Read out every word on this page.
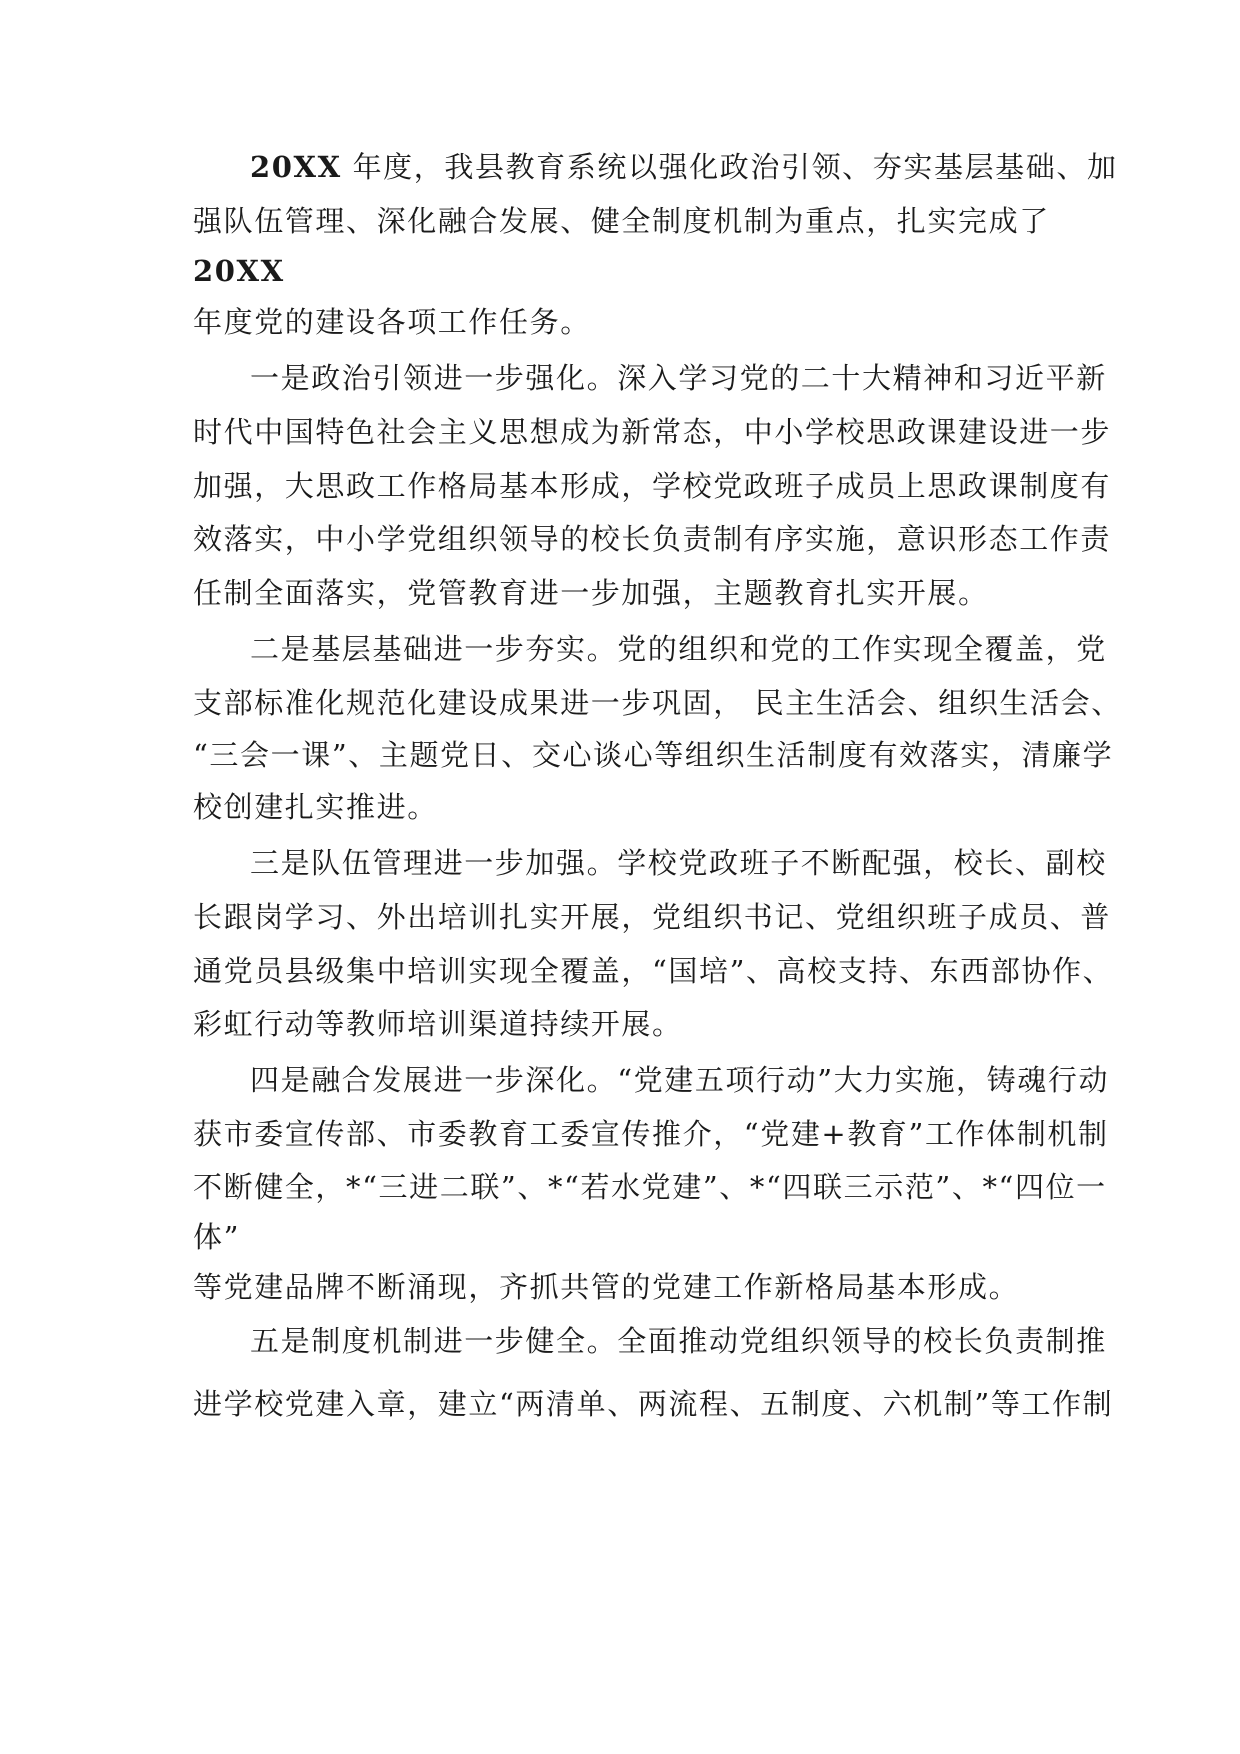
20XX 年度，我县教育系统以强化政治引领、夯实基层基础、加
强队伍管理、深化融合发展、健全制度机制为重点，扎实完成了
20XX
年度党的建设各项工作任务。
一是政治引领进一步强化。深入学习党的二十大精神和习近平新
时代中国特色社会主义思想成为新常态，中小学校思政课建设进一步
加强，大思政工作格局基本形成，学校党政班子成员上思政课制度有
效落实，中小学党组织领导的校长负责制有序实施，意识形态工作责
任制全面落实，党管教育进一步加强，主题教育扎实开展。
二是基层基础进一步夯实。党的组织和党的工作实现全覆盖，党
支部标准化规范化建设成果进一步巩固， 民主生活会、组织生活会、
“三会一课”、主题党日、交心谈心等组织生活制度有效落实，清廉学
校创建扎实推进。
三是队伍管理进一步加强。学校党政班子不断配强，校长、副校
长跟岗学习、外出培训扎实开展，党组织书记、党组织班子成员、普
通党员县级集中培训实现全覆盖，“国培”、高校支持、东西部协作、
彩虹行动等教师培训渠道持续开展。
四是融合发展进一步深化。“党建五项行动”大力实施，铸魂行动
获市委宣传部、市委教育工委宣传推介，“党建+教育”工作体制机制
不断健全，*“三进二联”、*“若水党建”、*“四联三示范”、*“四位一
体”
等党建品牌不断涌现，齐抓共管的党建工作新格局基本形成。
五是制度机制进一步健全。全面推动党组织领导的校长负责制推
进学校党建入章，建立“两清单、两流程、五制度、六机制”等工作制
